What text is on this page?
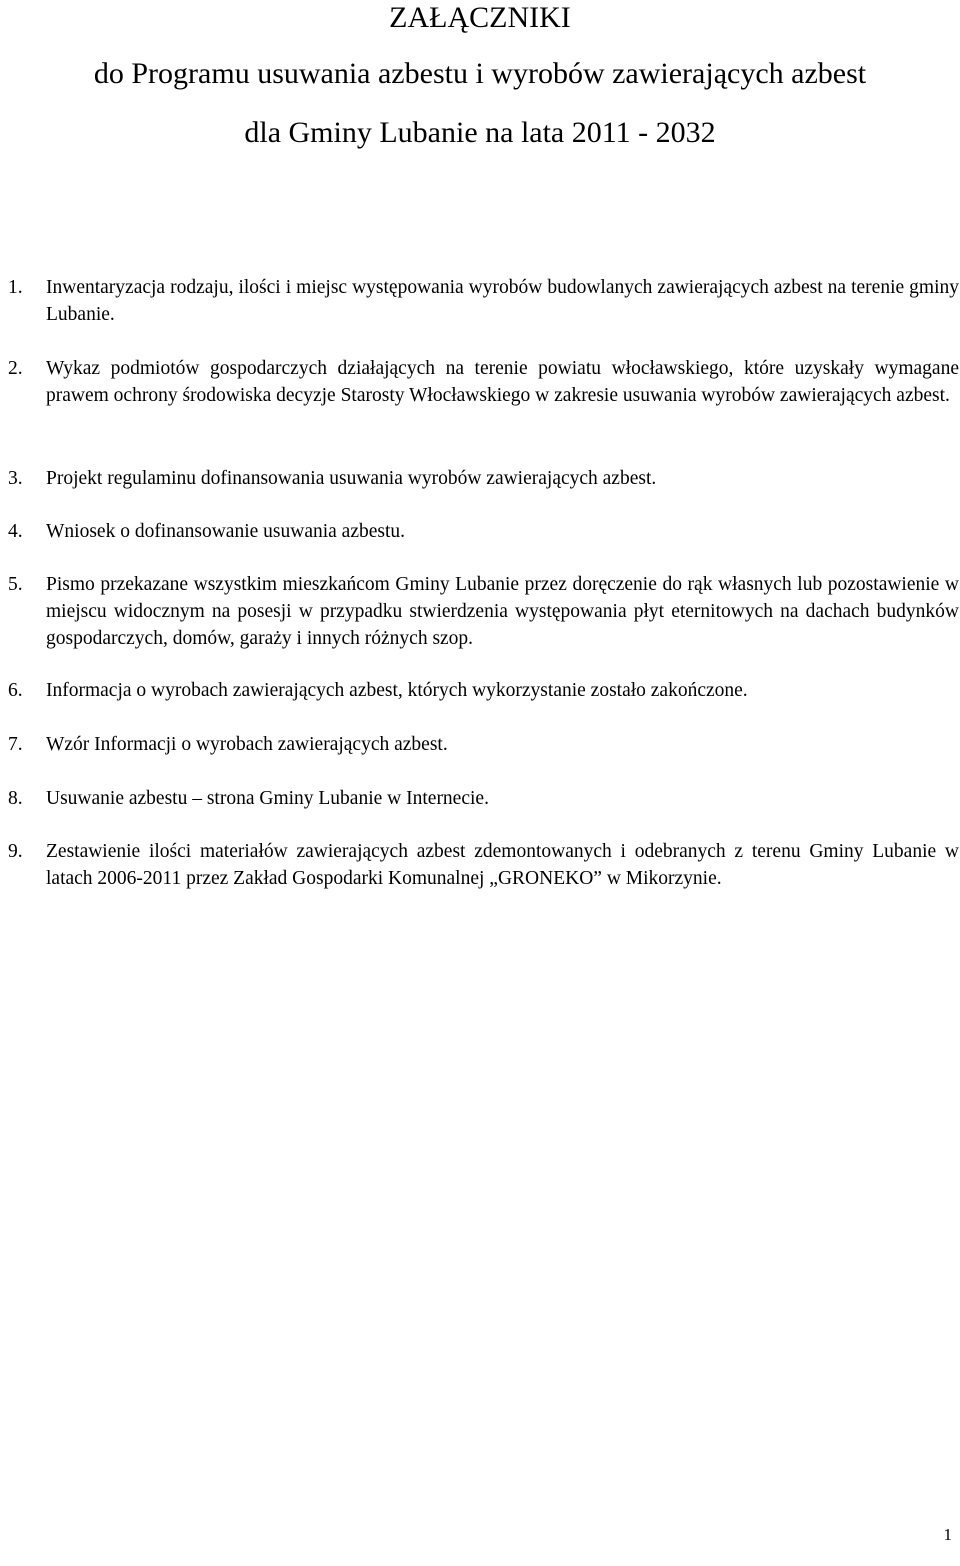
ZAŁĄCZNIKI
do Programu usuwania azbestu i wyrobów zawierających azbest
dla Gminy Lubanie na lata 2011 - 2032
1.	Inwentaryzacja rodzaju, ilości i miejsc występowania wyrobów budowlanych zawierających azbest na terenie gminy Lubanie.
2.	Wykaz podmiotów gospodarczych działających na terenie powiatu włocławskiego, które uzyskały wymagane prawem ochrony środowiska decyzje Starosty Włocławskiego w zakresie usuwania wyrobów zawierających azbest.
3.	Projekt regulaminu dofinansowania usuwania wyrobów zawierających azbest.
4.	Wniosek o dofinansowanie usuwania azbestu.
5.	Pismo przekazane wszystkim mieszkańcom Gminy Lubanie przez doręczenie do rąk własnych lub pozostawienie w miejscu widocznym na posesji w przypadku stwierdzenia występowania płyt eternitowych na dachach budynków gospodarczych, domów, garaży i innych różnych szop.
6.	Informacja o wyrobach zawierających azbest, których wykorzystanie zostało zakończone.
7.	Wzór Informacji o wyrobach zawierających azbest.
8.	Usuwanie azbestu – strona Gminy Lubanie w Internecie.
9.	Zestawienie ilości materiałów zawierających azbest zdemontowanych i odebranych z terenu Gminy Lubanie w latach 2006-2011 przez Zakład Gospodarki Komunalnej „GRONEKO” w Mikorzynie.
1
